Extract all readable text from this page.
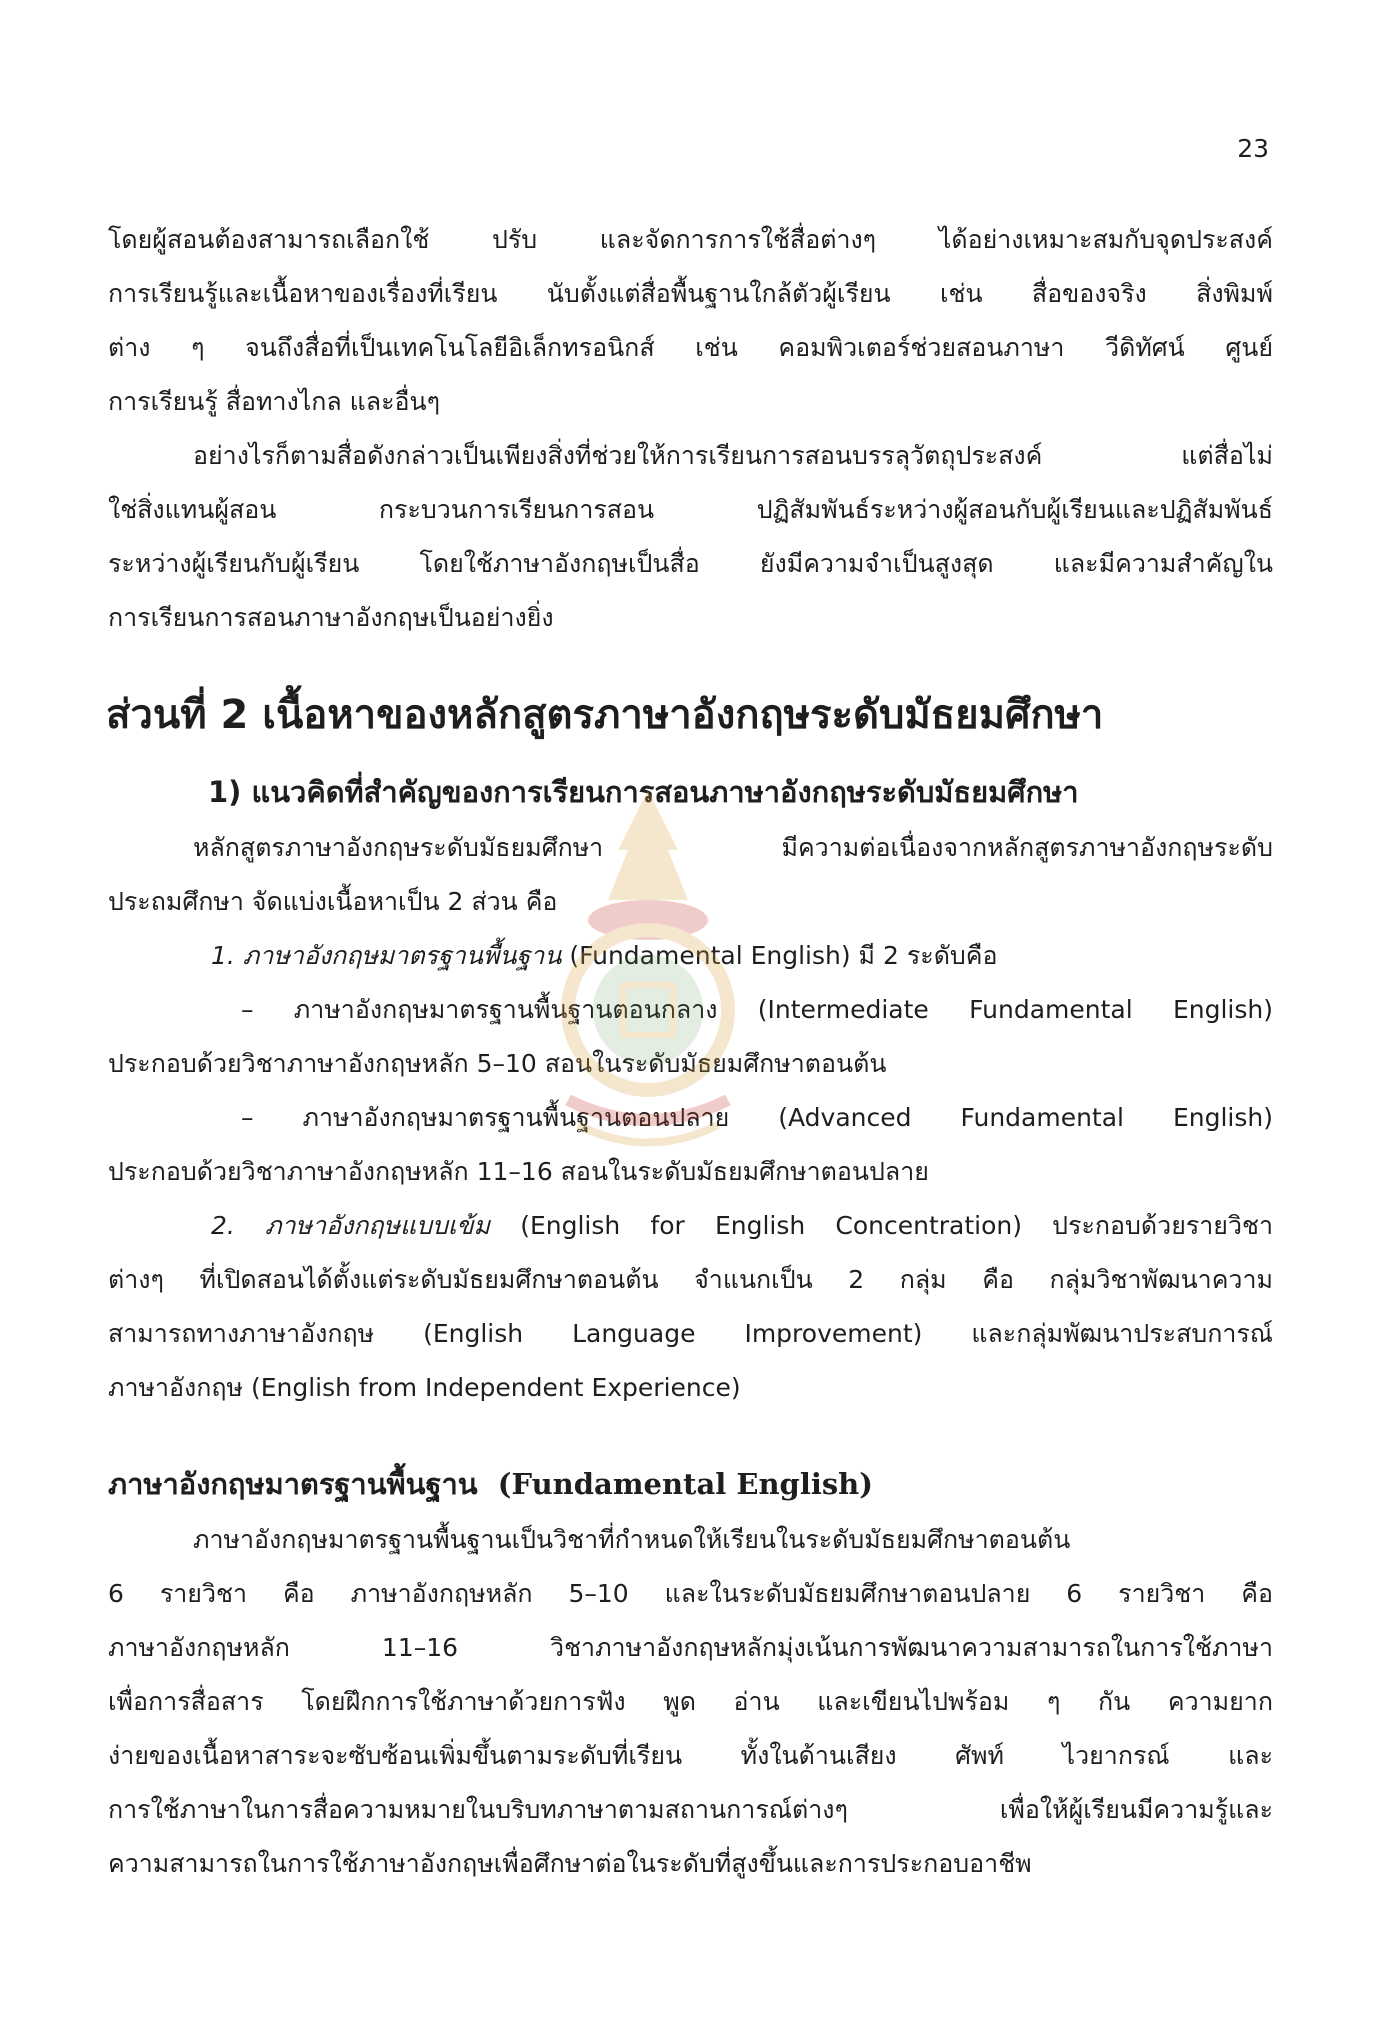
23
โดยผู้สอนต้องสามารถเลือกใช้ ปรับ และจัดการการใช้สื่อต่างๆ ได้อย่างเหมาะสมกับจุดประสงค์
การเรียนรู้และเนื้อหาของเรื่องที่เรียน นับตั้งแต่สื่อพื้นฐานใกล้ตัวผู้เรียน เช่น สื่อของจริง สิ่งพิมพ์
ต่าง ๆ จนถึงสื่อที่เป็นเทคโนโลยีอิเล็กทรอนิกส์ เช่น คอมพิวเตอร์ช่วยสอนภาษา วีดิทัศน์ ศูนย์
การเรียนรู้ สื่อทางไกล และอื่นๆ
อย่างไรก็ตามสื่อดังกล่าวเป็นเพียงสิ่งที่ช่วยให้การเรียนการสอนบรรลุวัตถุประสงค์ แต่สื่อไม่
ใช่สิ่งแทนผู้สอน กระบวนการเรียนการสอน ปฏิสัมพันธ์ระหว่างผู้สอนกับผู้เรียนและปฏิสัมพันธ์
ระหว่างผู้เรียนกับผู้เรียน โดยใช้ภาษาอังกฤษเป็นสื่อ ยังมีความจำเป็นสูงสุด และมีความสำคัญใน
การเรียนการสอนภาษาอังกฤษเป็นอย่างยิ่ง
ส่วนที่ 2 เนื้อหาของหลักสูตรภาษาอังกฤษระดับมัธยมศึกษา
1) แนวคิดที่สำคัญของการเรียนการสอนภาษาอังกฤษระดับมัธยมศึกษา
หลักสูตรภาษาอังกฤษระดับมัธยมศึกษา มีความต่อเนื่องจากหลักสูตรภาษาอังกฤษระดับ
ประถมศึกษา จัดแบ่งเนื้อหาเป็น 2 ส่วน คือ
1. ภาษาอังกฤษมาตรฐานพื้นฐาน (Fundamental English) มี 2 ระดับคือ
– ภาษาอังกฤษมาตรฐานพื้นฐานตอนกลาง (Intermediate Fundamental English)
ประกอบด้วยวิชาภาษาอังกฤษหลัก 5–10 สอนในระดับมัธยมศึกษาตอนต้น
– ภาษาอังกฤษมาตรฐานพื้นฐานตอนปลาย (Advanced Fundamental English)
ประกอบด้วยวิชาภาษาอังกฤษหลัก 11–16 สอนในระดับมัธยมศึกษาตอนปลาย
2. ภาษาอังกฤษแบบเข้ม (English for English Concentration) ประกอบด้วยรายวิชา
ต่างๆ ที่เปิดสอนได้ตั้งแต่ระดับมัธยมศึกษาตอนต้น จำแนกเป็น 2 กลุ่ม คือ กลุ่มวิชาพัฒนาความ
สามารถทางภาษาอังกฤษ (English Language Improvement) และกลุ่มพัฒนาประสบการณ์
ภาษาอังกฤษ (English from Independent Experience)
ภาษาอังกฤษมาตรฐานพื้นฐาน (Fundamental English)
ภาษาอังกฤษมาตรฐานพื้นฐานเป็นวิชาที่กำหนดให้เรียนในระดับมัธยมศึกษาตอนต้น
6 รายวิชา คือ ภาษาอังกฤษหลัก 5–10 และในระดับมัธยมศึกษาตอนปลาย 6 รายวิชา คือ
ภาษาอังกฤษหลัก 11–16 วิชาภาษาอังกฤษหลักมุ่งเน้นการพัฒนาความสามารถในการใช้ภาษา
เพื่อการสื่อสาร โดยฝึกการใช้ภาษาด้วยการฟัง พูด อ่าน และเขียนไปพร้อม ๆ กัน ความยาก
ง่ายของเนื้อหาสาระจะซับซ้อนเพิ่มขึ้นตามระดับที่เรียน ทั้งในด้านเสียง ศัพท์ ไวยากรณ์ และ
การใช้ภาษาในการสื่อความหมายในบริบทภาษาตามสถานการณ์ต่างๆ เพื่อให้ผู้เรียนมีความรู้และ
ความสามารถในการใช้ภาษาอังกฤษเพื่อศึกษาต่อในระดับที่สูงขึ้นและการประกอบอาชีพ
